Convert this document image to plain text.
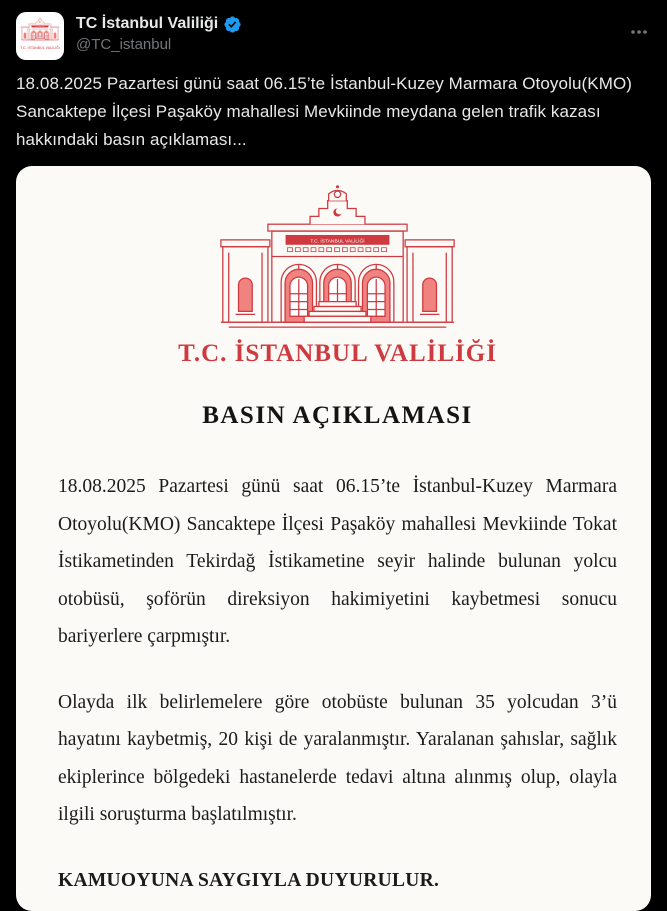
T.C. İSTANBUL VALİLİĞİ
TC İstanbul Valiliği
@TC_istanbul
18.08.2025 Pazartesi günü saat 06.15’te İstanbul-Kuzey Marmara Otoyolu(KMO) Sancaktepe İlçesi Paşaköy mahallesi Mevkiinde meydana gelen trafik kazası hakkındaki basın açıklaması...
T.C. İSTANBUL VALİLİĞİ
BASIN AÇIKLAMASI

18.08.2025 Pazartesi günü saat 06.15’te İstanbul-Kuzey Marmara Otoyolu(KMO) Sancaktepe İlçesi Paşaköy mahallesi Mevkiinde Tokat İstikametinden Tekirdağ İstikametine seyir halinde bulunan yolcu otobüsü, şoförün direksiyon hakimiyetini kaybetmesi sonucu bariyerlere çarpmıştır.

Olayda ilk belirlemelere göre otobüste bulunan 35 yolcudan 3’ü hayatını kaybetmiş, 20 kişi de yaralanmıştır. Yaralanan şahıslar, sağlık ekiplerince bölgedeki hastanelerde tedavi altına alınmış olup, olayla ilgili soruşturma başlatılmıştır.

KAMUOYUNA SAYGIYLA DUYURULUR.
